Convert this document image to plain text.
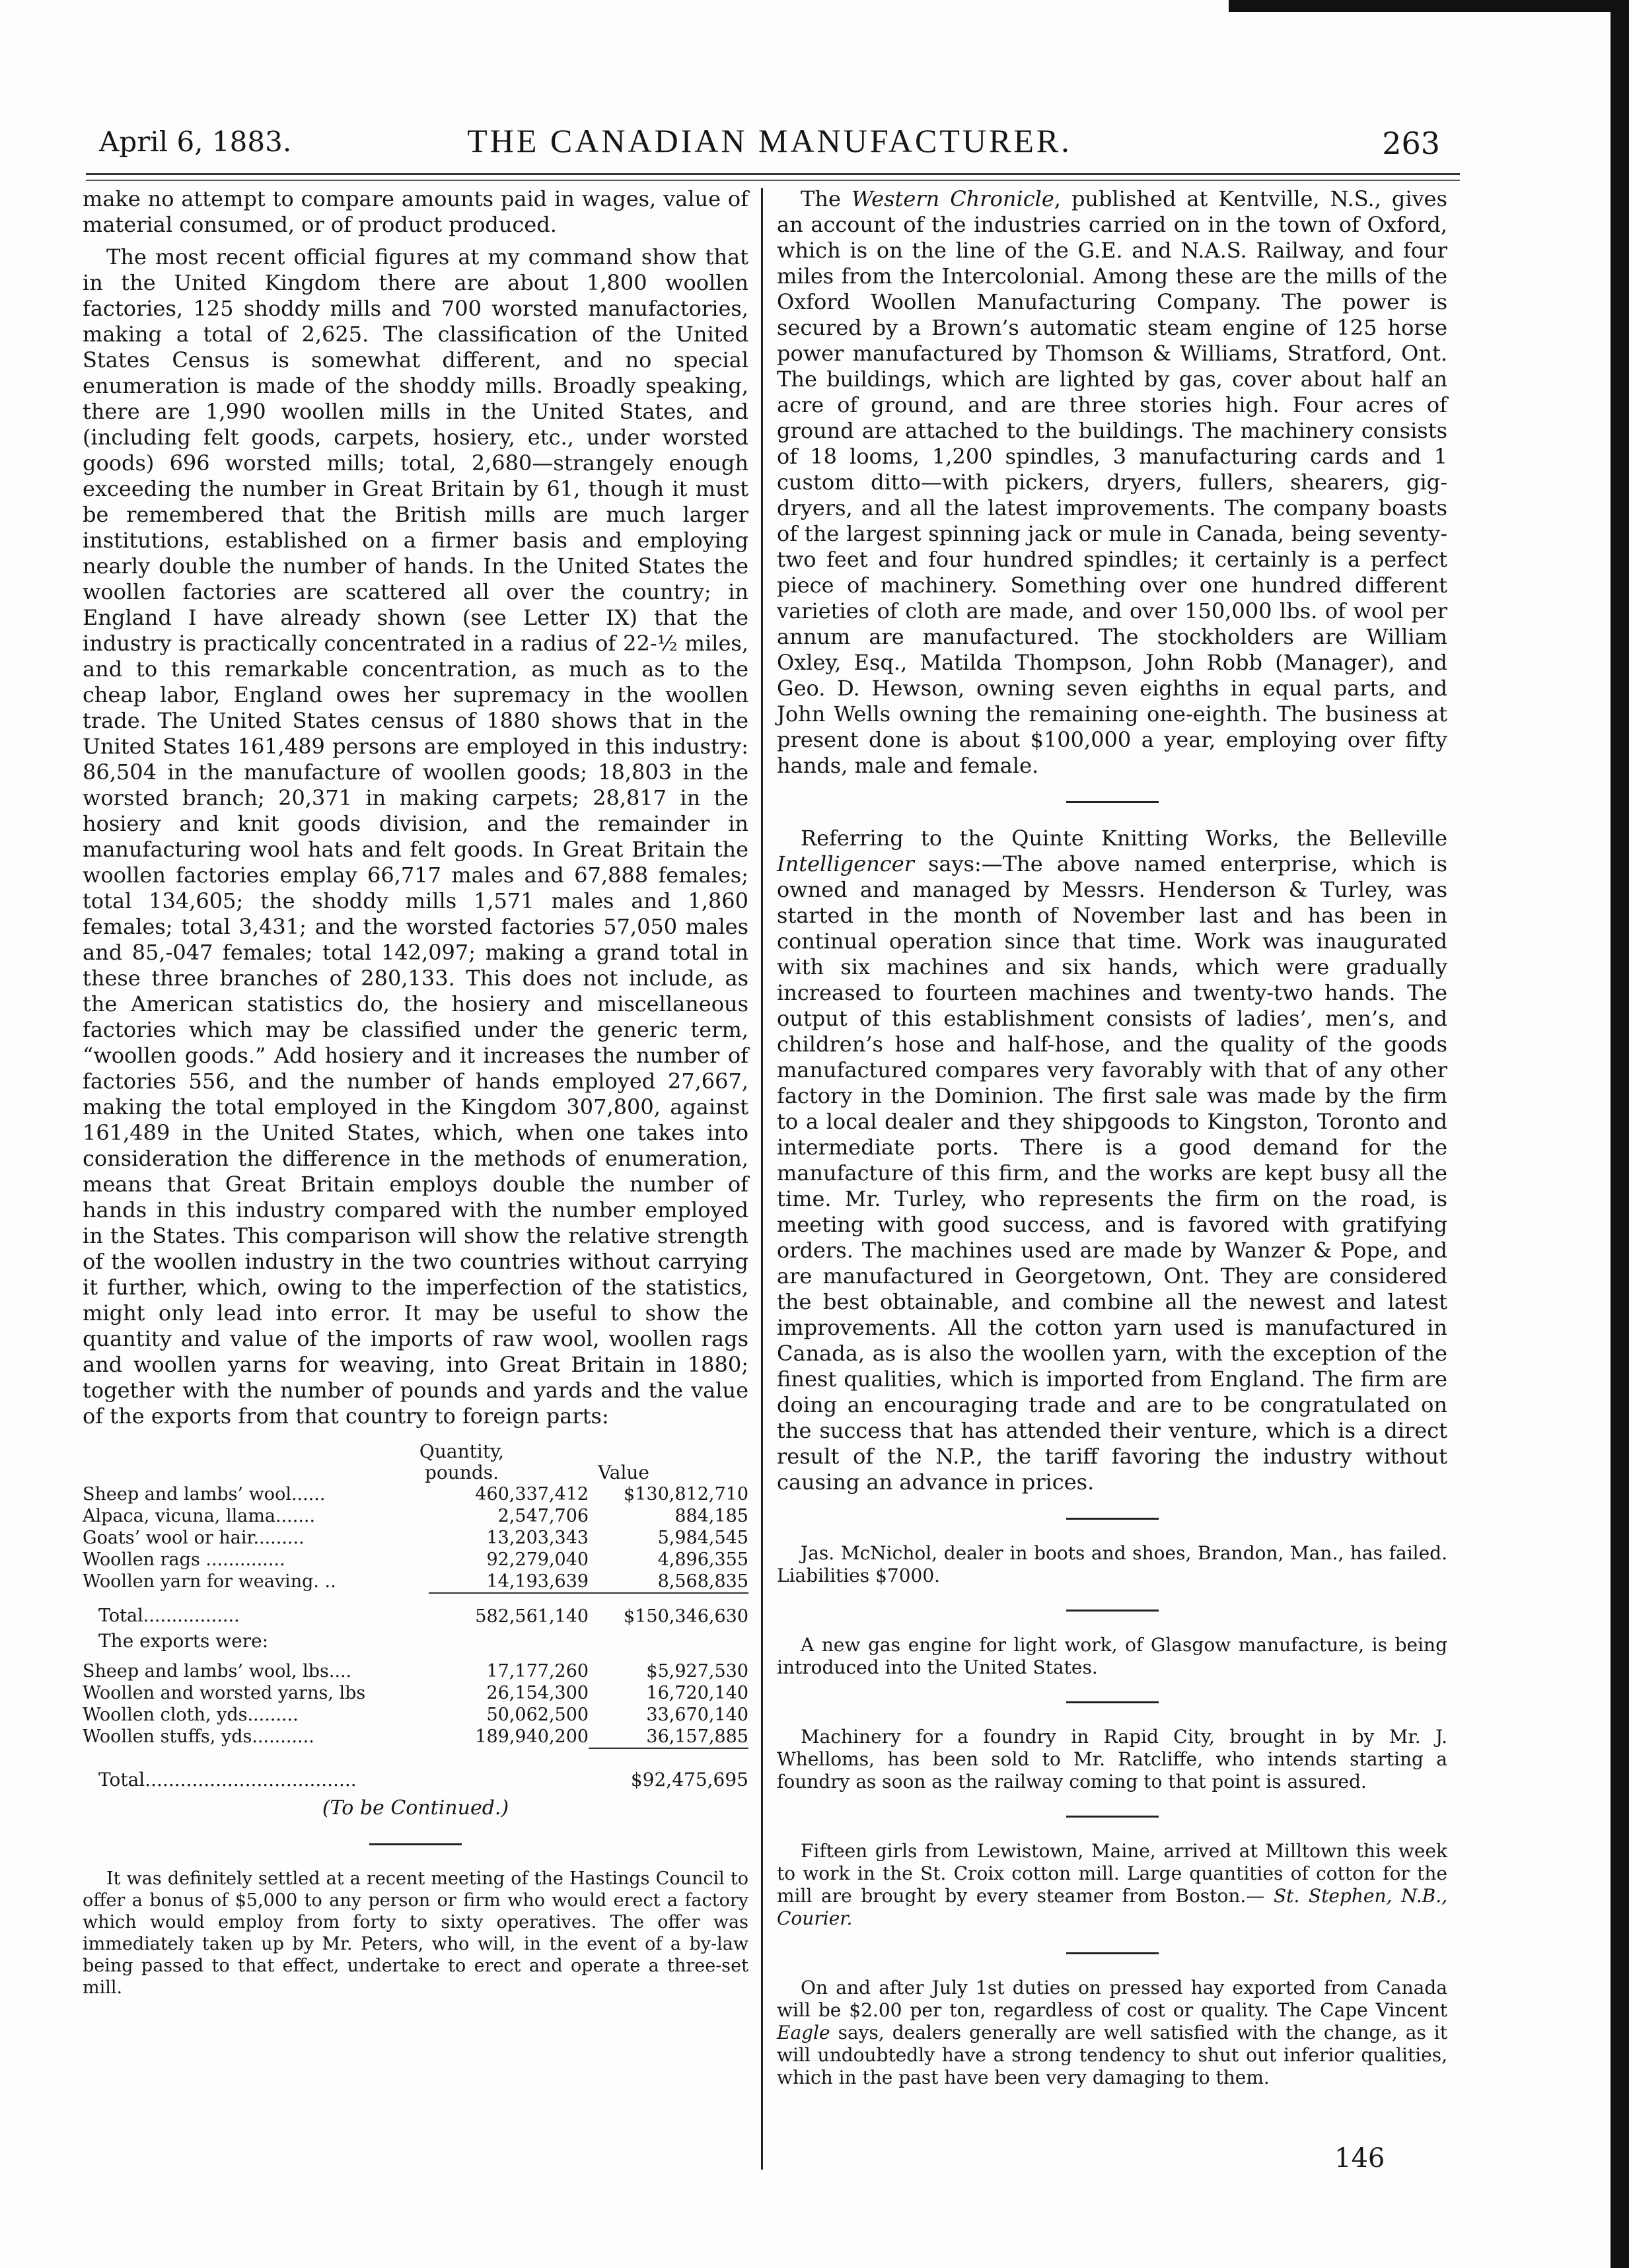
April 6, 1883.	THE CANADIAN MANUFACTURER.	263

make no attempt to compare amounts paid in wages, value of material consumed, or of product produced.

The most recent official figures at my command show that in the United Kingdom there are about 1,800 woollen factories, 125 shoddy mills and 700 worsted manufactories, making a total of 2,625. The classification of the United States Census is somewhat different, and no special enumeration is made of the shoddy mills. Broadly speaking, there are 1,990 woollen mills in the United States, and (including felt goods, carpets, hosiery, etc., under worsted goods) 696 worsted mills; total, 2,680—strangely enough exceeding the number in Great Britain by 61, though it must be remembered that the British mills are much larger institutions, established on a firmer basis and employing nearly double the number of hands. In the United States the woollen factories are scattered all over the country; in England I have already shown (see Letter IX) that the industry is practically concentrated in a radius of 22-½ miles, and to this remarkable concentration, as much as to the cheap labor, England owes her supremacy in the woollen trade. The United States census of 1880 shows that in the United States 161,489 persons are employed in this industry: 86,504 in the manufacture of woollen goods; 18,803 in the worsted branch; 20,371 in making carpets; 28,817 in the hosiery and knit goods division, and the remainder in manufacturing wool hats and felt goods. In Great Britain the woollen factories emplay 66,717 males and 67,888 females; total 134,605; the shoddy mills 1,571 males and 1,860 females; total 3,431; and the worsted factories 57,050 males and 85,-047 females; total 142,097; making a grand total in these three branches of 280,133. This does not include, as the American statistics do, the hosiery and miscellaneous factories which may be classified under the generic term, “woollen goods.” Add hosiery and it increases the number of factories 556, and the number of hands employed 27,667, making the total employed in the Kingdom 307,800, against 161,489 in the United States, which, when one takes into consideration the difference in the methods of enumeration, means that Great Britain employs double the number of hands in this industry compared with the number employed in the States. This comparison will show the relative strength of the woollen industry in the two countries without carrying it further, which, owing to the imperfection of the statistics, might only lead into error. It may be useful to show the quantity and value of the imports of raw wool, woollen rags and woollen yarns for weaving, into Great Britain in 1880; together with the number of pounds and yards and the value of the exports from that country to foreign parts:

Quantity,
pounds.	Value
Sheep and lambs’ wool......	460,337,412	$130,812,710
Alpaca, vicuna, llama.......	2,547,706	884,185
Goats’ wool or hair.........	13,203,343	5,984,545
Woollen rags ..............	92,279,040	4,896,355
Woollen yarn for weaving. ..	14,193,639	8,568,835
Total.................	582,561,140	$150,346,630
The exports were:
Sheep and lambs’ wool, lbs....	17,177,260	$5,927,530
Woollen and worsted yarns, lbs	26,154,300	16,720,140
Woollen cloth, yds.........	50,062,500	33,670,140
Woollen stuffs, yds...........	189,940,200	36,157,885
Total....................................	$92,475,695
(To be Continued.)

It was definitely settled at a recent meeting of the Hastings Council to offer a bonus of $5,000 to any person or firm who would erect a factory which would employ from forty to sixty operatives. The offer was immediately taken up by Mr. Peters, who will, in the event of a by-law being passed to that effect, undertake to erect and operate a three-set mill.

The Western Chronicle, published at Kentville, N.S., gives an account of the industries carried on in the town of Oxford, which is on the line of the G.E. and N.A.S. Railway, and four miles from the Intercolonial. Among these are the mills of the Oxford Woollen Manufacturing Company. The power is secured by a Brown’s automatic steam engine of 125 horse power manufactured by Thomson & Williams, Stratford, Ont. The buildings, which are lighted by gas, cover about half an acre of ground, and are three stories high. Four acres of ground are attached to the buildings. The machinery consists of 18 looms, 1,200 spindles, 3 manufacturing cards and 1 custom ditto—with pickers, dryers, fullers, shearers, gig-dryers, and all the latest improvements. The company boasts of the largest spinning jack or mule in Canada, being seventy-two feet and four hundred spindles; it certainly is a perfect piece of machinery. Something over one hundred different varieties of cloth are made, and over 150,000 lbs. of wool per annum are manufactured. The stockholders are William Oxley, Esq., Matilda Thompson, John Robb (Manager), and Geo. D. Hewson, owning seven eighths in equal parts, and John Wells owning the remaining one-eighth. The business at present done is about $100,000 a year, employing over fifty hands, male and female.

Referring to the Quinte Knitting Works, the Belleville Intelligencer says:—The above named enterprise, which is owned and managed by Messrs. Henderson & Turley, was started in the month of November last and has been in continual operation since that time. Work was inaugurated with six machines and six hands, which were gradually increased to fourteen machines and twenty-two hands. The output of this establishment consists of ladies’, men’s, and children’s hose and half-hose, and the quality of the goods manufactured compares very favorably with that of any other factory in the Dominion. The first sale was made by the firm to a local dealer and they shipgoods to Kingston, Toronto and intermediate ports. There is a good demand for the manufacture of this firm, and the works are kept busy all the time. Mr. Turley, who represents the firm on the road, is meeting with good success, and is favored with gratifying orders. The machines used are made by Wanzer & Pope, and are manufactured in Georgetown, Ont. They are considered the best obtainable, and combine all the newest and latest improvements. All the cotton yarn used is manufactured in Canada, as is also the woollen yarn, with the exception of the finest qualities, which is imported from England. The firm are doing an encouraging trade and are to be congratulated on the success that has attended their venture, which is a direct result of the N.P., the tariff favoring the industry without causing an advance in prices.

Jas. McNichol, dealer in boots and shoes, Brandon, Man., has failed. Liabilities $7000.

A new gas engine for light work, of Glasgow manufacture, is being introduced into the United States.

Machinery for a foundry in Rapid City, brought in by Mr. J. Whelloms, has been sold to Mr. Ratcliffe, who intends starting a foundry as soon as the railway coming to that point is assured.

Fifteen girls from Lewistown, Maine, arrived at Milltown this week to work in the St. Croix cotton mill. Large quantities of cotton for the mill are brought by every steamer from Boston.— St. Stephen, N.B., Courier.

On and after July 1st duties on pressed hay exported from Canada will be $2.00 per ton, regardless of cost or quality. The Cape Vincent Eagle says, dealers generally are well satisfied with the change, as it will undoubtedly have a strong tendency to shut out inferior qualities, which in the past have been very damaging to them.

146
